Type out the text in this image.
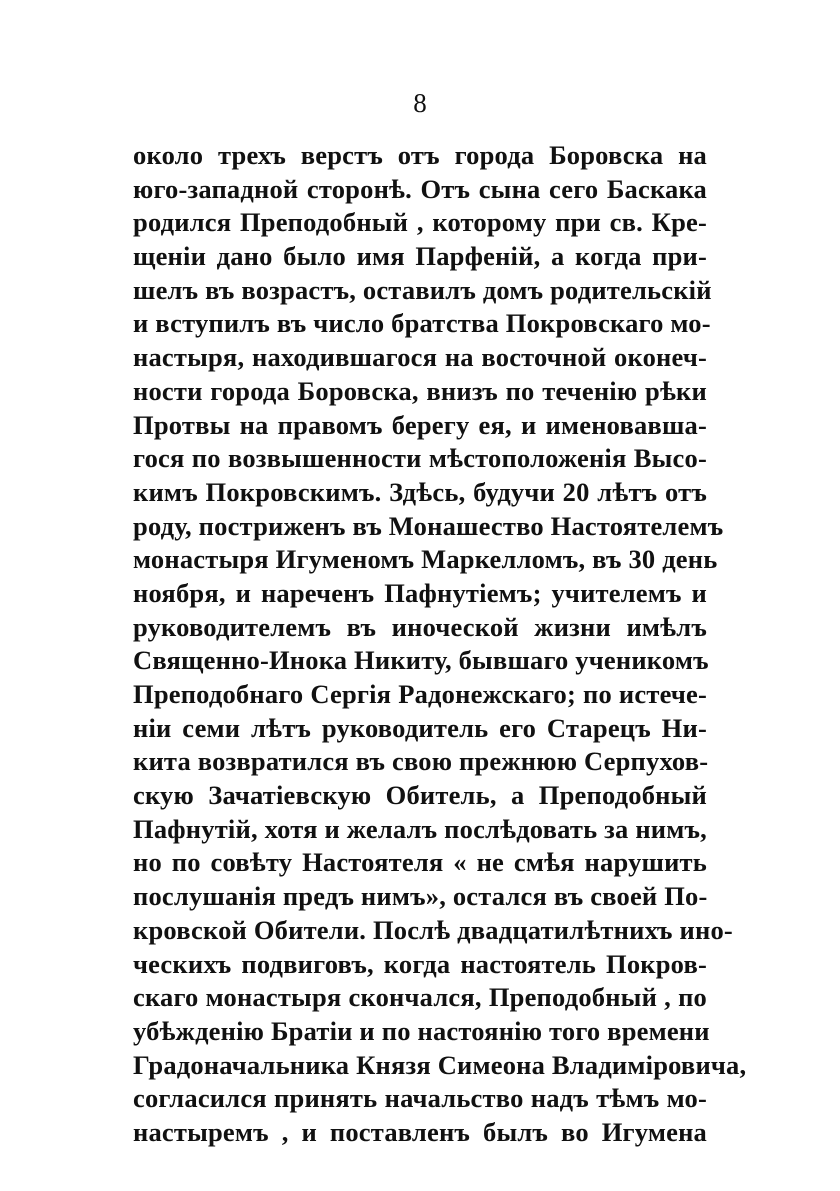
8
около трехъ верстъ отъ города Боровска на
юго-западной сторонѣ. Отъ сына сего Баскака
родился Преподобный , которому при св. Кре-
щеніи дано было имя Парфеній, а когда при-
шелъ въ возрастъ, оставилъ домъ родительскій
и вступилъ въ число братства Покровскаго мо-
настыря, находившагося на восточной оконеч-
ности города Боровска, внизъ по теченію рѣки
Протвы на правомъ берегу ея, и именовавша-
гося по возвышенности мѣстоположенія Высо-
кимъ Покровскимъ. Здѣсь, будучи 20 лѣтъ отъ
роду, постриженъ въ Монашество Настоятелемъ
монастыря Игуменомъ Маркелломъ, въ 30 день
ноября, и нареченъ Пафнутіемъ; учителемъ и
руководителемъ въ иноческой жизни имѣлъ
Священно-Инока Никиту, бывшаго ученикомъ
Преподобнаго Сергія Радонежскаго; по истече-
ніи семи лѣтъ руководитель его Старецъ Ни-
кита возвратился въ свою прежнюю Серпухов-
скую Зачатіевскую Обитель, а Преподобный
Пафнутій, хотя и желалъ послѣдовать за нимъ,
но по совѣту Настоятеля « не смѣя нарушить
послушанія предъ нимъ», остался въ своей По-
кровской Обители. Послѣ двадцатилѣтнихъ ино-
ческихъ подвиговъ, когда настоятель Покров-
скаго монастыря скончался, Преподобный , по
убѣжденію Братіи и по настоянію того времени
Градоначальника Князя Симеона Владиміровича,
согласился принять начальство надъ тѣмъ мо-
настыремъ , и поставленъ былъ во Игумена
